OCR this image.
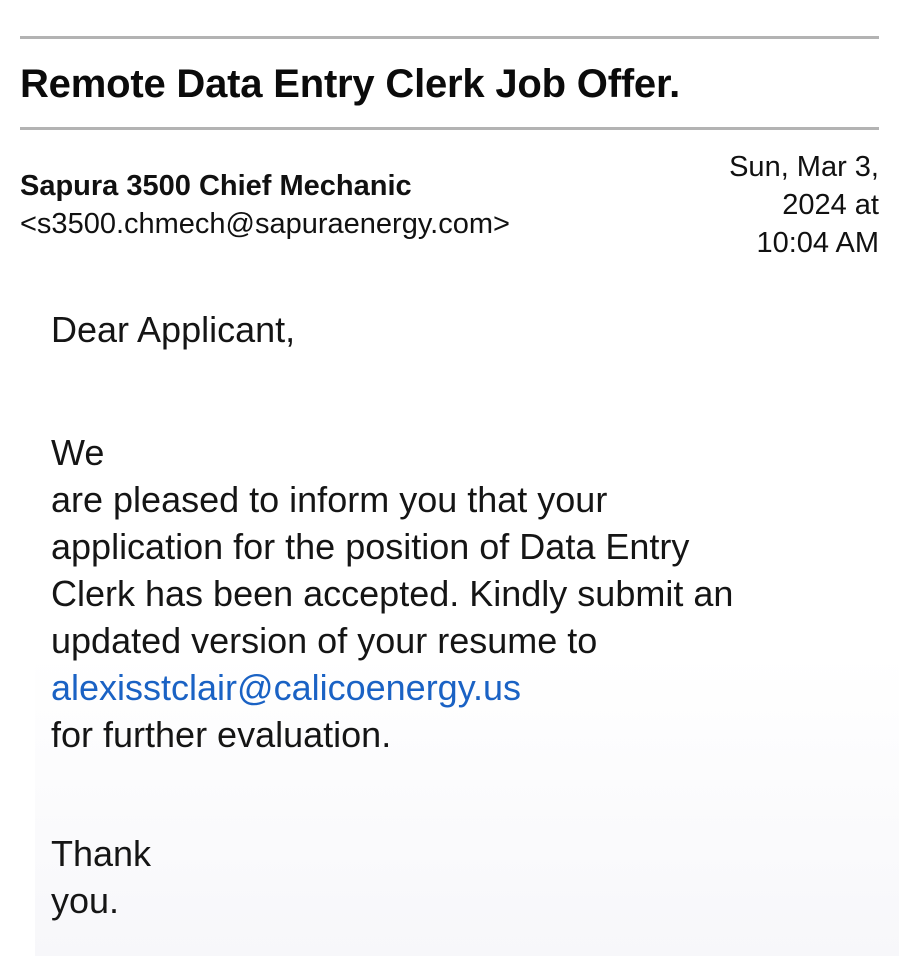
Remote Data Entry Clerk Job Offer.
Sapura 3500 Chief Mechanic
<s3500.chmech@sapuraenergy.com>
Sun, Mar 3,
2024 at
10:04 AM
Dear Applicant,
We
are pleased to inform you that your
application for the position of Data Entry
Clerk has been accepted. Kindly submit an
updated version of your resume to
alexisstclair@calicoenergy.us
for further evaluation.
Thank
you.
